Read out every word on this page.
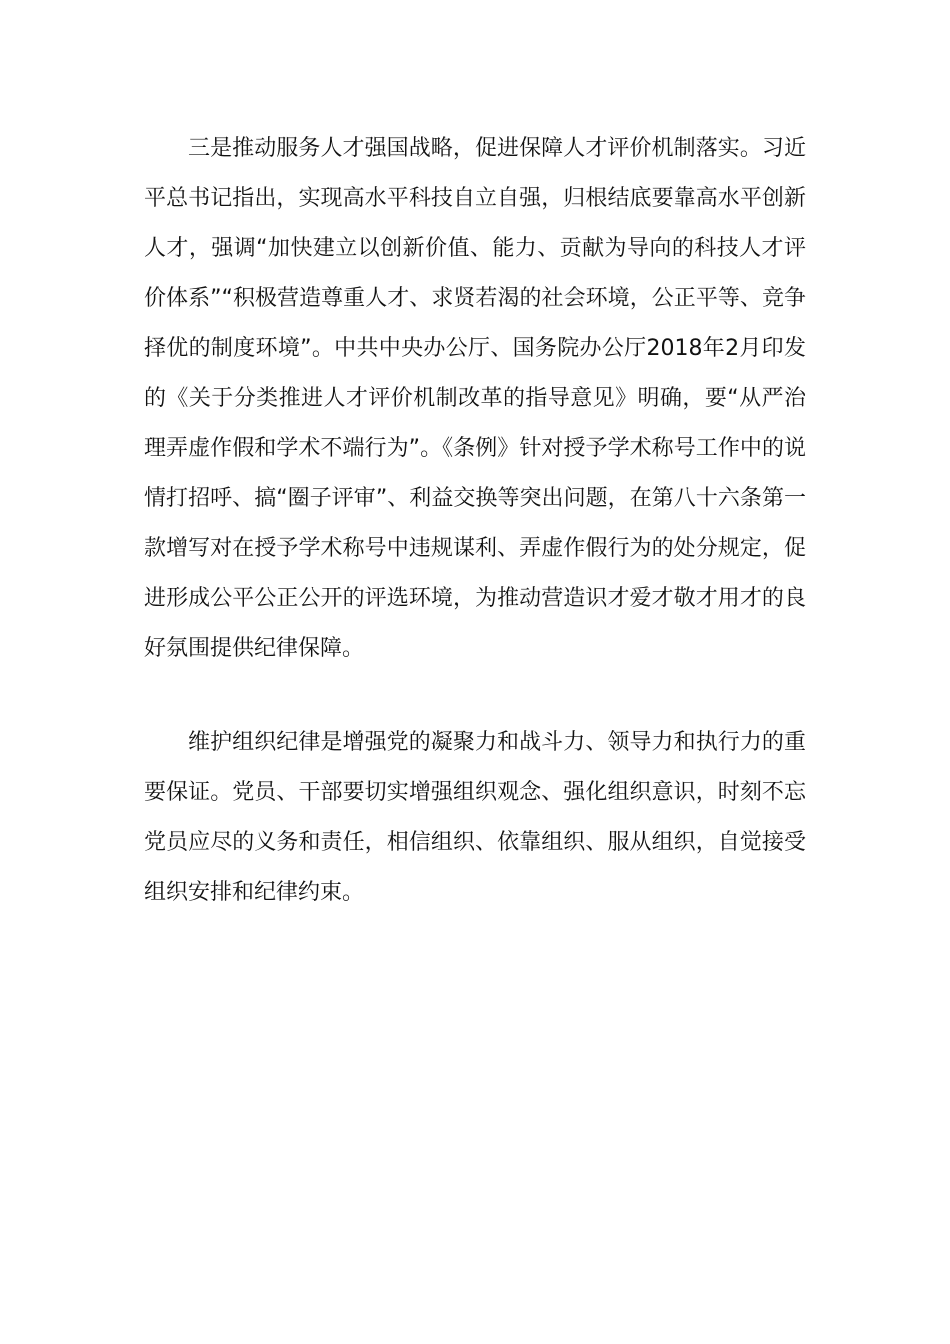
三是推动服务人才强国战略，促进保障人才评价机制落实。习近平总书记指出，实现高水平科技自立自强，归根结底要靠高水平创新人才，强调“加快建立以创新价值、能力、贡献为导向的科技人才评价体系”“积极营造尊重人才、求贤若渴的社会环境，公正平等、竞争择优的制度环境”。中共中央办公厅、国务院办公厅2018年2月印发的《关于分类推进人才评价机制改革的指导意见》明确，要“从严治理弄虚作假和学术不端行为”。《条例》针对授予学术称号工作中的说情打招呼、搞“圈子评审”、利益交换等突出问题，在第八十六条第一款增写对在授予学术称号中违规谋利、弄虚作假行为的处分规定，促进形成公平公正公开的评选环境，为推动营造识才爱才敬才用才的良好氛围提供纪律保障。

维护组织纪律是增强党的凝聚力和战斗力、领导力和执行力的重要保证。党员、干部要切实增强组织观念、强化组织意识，时刻不忘党员应尽的义务和责任，相信组织、依靠组织、服从组织，自觉接受组织安排和纪律约束。
